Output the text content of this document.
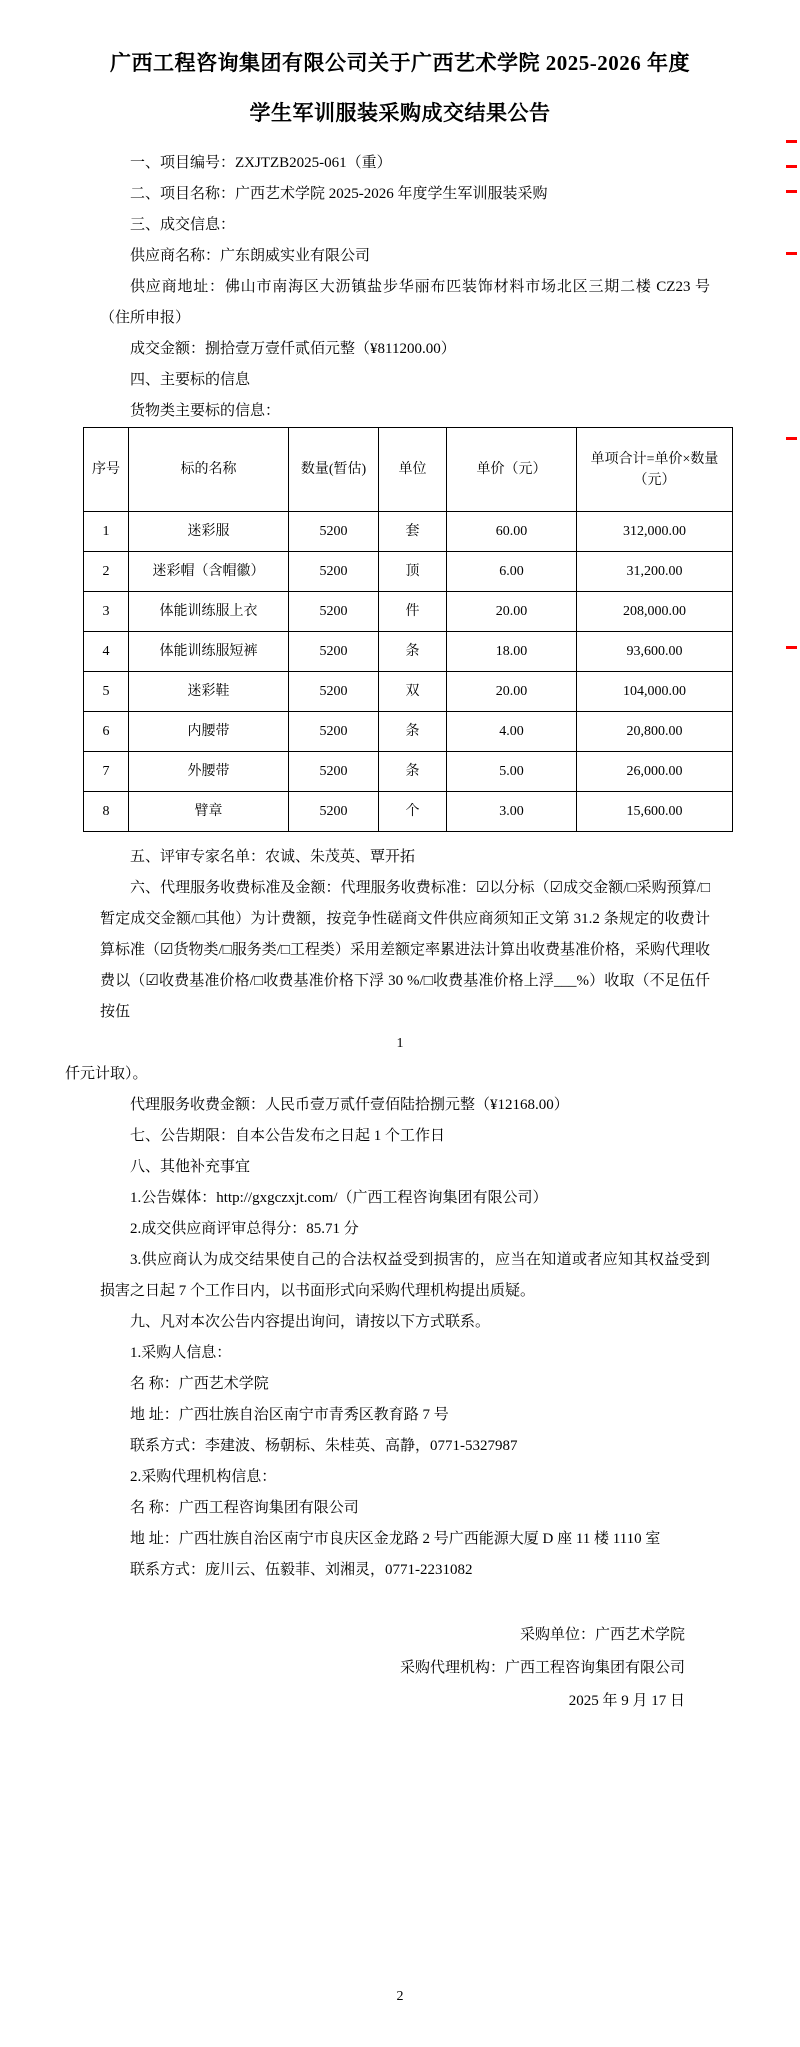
广西工程咨询集团有限公司关于广西艺术学院 2025-2026 年度
学生军训服装采购成交结果公告

一、项目编号：ZXJTZB2025-061（重）

二、项目名称：广西艺术学院 2025-2026 年度学生军训服装采购

三、成交信息：

供应商名称：广东朗威实业有限公司

供应商地址：佛山市南海区大沥镇盐步华丽布匹装饰材料市场北区三期二楼 CZ23 号（住所申报）

成交金额：捌拾壹万壹仟贰佰元整（¥811200.00）

四、主要标的信息

货物类主要标的信息：

序号	标的名称	数量(暂估)	单位	单价（元）	单项合计=单价×数量（元）
1	迷彩服	5200	套	60.00	312,000.00
2	迷彩帽（含帽徽）	5200	顶	6.00	31,200.00
3	体能训练服上衣	5200	件	20.00	208,000.00
4	体能训练服短裤	5200	条	18.00	93,600.00
5	迷彩鞋	5200	双	20.00	104,000.00
6	内腰带	5200	条	4.00	20,800.00
7	外腰带	5200	条	5.00	26,000.00
8	臂章	5200	个	3.00	15,600.00

五、评审专家名单：农诚、朱茂英、覃开拓

六、代理服务收费标准及金额：代理服务收费标准：☑以分标（☑成交金额/□采购预算/□暂定成交金额/□其他）为计费额，按竞争性磋商文件供应商须知正文第 31.2 条规定的收费计算标准（☑货物类/□服务类/□工程类）采用差额定率累进法计算出收费基准价格，采购代理收费以（☑收费基准价格/□收费基准价格下浮 30 %/□收费基准价格上浮___%）收取（不足伍仟按伍

1

仟元计取）。

代理服务收费金额：人民币壹万贰仟壹佰陆拾捌元整（¥12168.00）

七、公告期限：自本公告发布之日起 1 个工作日

八、其他补充事宜

1.公告媒体：http://gxgczxjt.com/（广西工程咨询集团有限公司）

2.成交供应商评审总得分：85.71 分

3.供应商认为成交结果使自己的合法权益受到损害的，应当在知道或者应知其权益受到损害之日起 7 个工作日内，以书面形式向采购代理机构提出质疑。

九、凡对本次公告内容提出询问，请按以下方式联系。

1.采购人信息：

名 称：广西艺术学院

地 址：广西壮族自治区南宁市青秀区教育路 7 号

联系方式：李建波、杨朝标、朱桂英、高静，0771-5327987

2.采购代理机构信息：

名 称：广西工程咨询集团有限公司

地 址：广西壮族自治区南宁市良庆区金龙路 2 号广西能源大厦 D 座 11 楼 1110 室

联系方式：庞川云、伍毅菲、刘湘灵，0771-2231082

采购单位：广西艺术学院
采购代理机构：广西工程咨询集团有限公司
2025 年 9 月 17 日
2
